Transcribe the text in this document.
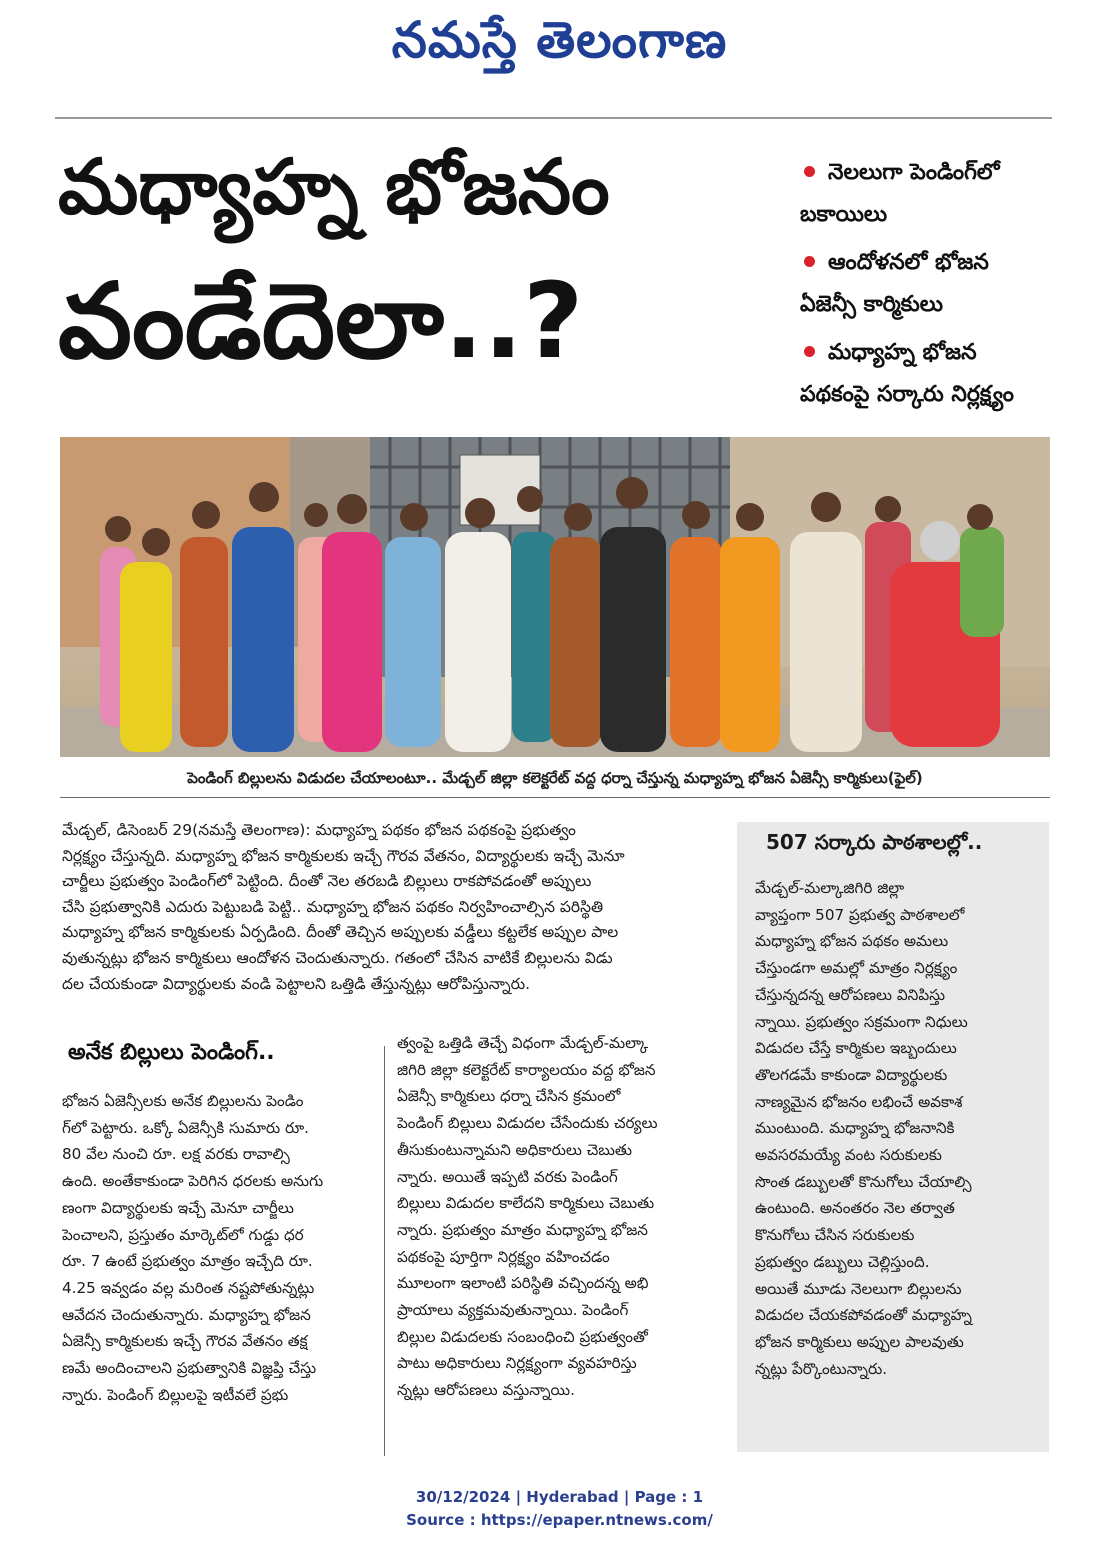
నమస్తే తెలంగాణ
మధ్యాహ్న భోజనం
వండేదెలా..?
నెలలుగా పెండింగ్‌లో
బకాయిలు
ఆందోళనలో భోజన
ఏజెన్సీ కార్మికులు
మధ్యాహ్న భోజన
పథకంపై సర్కారు నిర్లక్ష్యం
పెండింగ్ బిల్లులను విడుదల చేయాలంటూ.. మేడ్చల్ జిల్లా కలెక్టరేట్ వద్ద ధర్నా చేస్తున్న మధ్యాహ్న భోజన ఏజెన్సీ కార్మికులు(ఫైల్)

మేడ్చల్, డిసెంబర్ 29(నమస్తే తెలంగాణ): మధ్యాహ్న పథకం భోజన పథకంపై ప్రభుత్వం

నిర్లక్ష్యం చేస్తున్నది. మధ్యాహ్న భోజన కార్మికులకు ఇచ్చే గౌరవ వేతనం, విద్యార్థులకు ఇచ్చే మెనూ

చార్జీలు ప్రభుత్వం పెండింగ్‌లో పెట్టింది. దీంతో నెల తరబడి బిల్లులు రాకపోవడంతో అప్పులు

చేసి ప్రభుత్వానికి ఎదురు పెట్టుబడి పెట్టి.. మధ్యాహ్న భోజన పథకం నిర్వహించాల్సిన పరిస్థితి

మధ్యాహ్న భోజన కార్మికులకు ఏర్పడింది. దీంతో తెచ్చిన అప్పులకు వడ్డీలు కట్టలేక అప్పుల పాల

వుతున్నట్లు భోజన కార్మికులు ఆందోళన చెందుతున్నారు. గతంలో చేసిన వాటికే బిల్లులను విడు

దల చేయకుండా విద్యార్థులకు వండి పెట్టాలని ఒత్తిడి తేస్తున్నట్లు ఆరోపిస్తున్నారు.

అనేక బిల్లులు పెండింగ్..

భోజన ఏజెన్సీలకు అనేక బిల్లులను పెండిం

గ్‌లో పెట్టారు. ఒక్కో ఏజెన్సీకి సుమారు రూ.

80 వేల నుంచి రూ. లక్ష వరకు రావాల్సి

ఉంది. అంతేకాకుండా పెరిగిన ధరలకు అనుగు

ణంగా విద్యార్థులకు ఇచ్చే మెనూ చార్జీలు

పెంచాలని, ప్రస్తుతం మార్కెట్‌లో గుడ్డు ధర

రూ. 7 ఉంటే ప్రభుత్వం మాత్రం ఇచ్చేది రూ.

4.25 ఇవ్వడం వల్ల మరింత నష్టపోతున్నట్లు

ఆవేదన చెందుతున్నారు. మధ్యాహ్న భోజన

ఏజెన్సీ కార్మికులకు ఇచ్చే గౌరవ వేతనం తక్ష

ణమే అందించాలని ప్రభుత్వానికి విజ్ఞప్తి చేస్తు

న్నారు. పెండింగ్ బిల్లులపై ఇటీవలే ప్రభు

త్వంపై ఒత్తిడి తెచ్చే విధంగా మేడ్చల్-మల్కా

జిగిరి జిల్లా కలెక్టరేట్ కార్యాలయం వద్ద భోజన

ఏజెన్సీ కార్మికులు ధర్నా చేసిన క్రమంలో

పెండింగ్ బిల్లులు విడుదల చేసేందుకు చర్యలు

తీసుకుంటున్నామని అధికారులు చెబుతు

న్నారు. అయితే ఇప్పటి వరకు పెండింగ్

బిల్లులు విడుదల కాలేదని కార్మికులు చెబుతు

న్నారు. ప్రభుత్వం మాత్రం మధ్యాహ్న భోజన

పథకంపై పూర్తిగా నిర్లక్ష్యం వహించడం

మూలంగా ఇలాంటి పరిస్థితి వచ్చిందన్న అభి

ప్రాయాలు వ్యక్తమవుతున్నాయి. పెండింగ్

బిల్లుల విడుదలకు సంబంధించి ప్రభుత్వంతో

పాటు అధికారులు నిర్లక్ష్యంగా వ్యవహరిస్తు

న్నట్లు ఆరోపణలు వస్తున్నాయి.

507 సర్కారు పాఠశాలల్లో..

మేడ్చల్-మల్కాజిగిరి జిల్లా

వ్యాప్తంగా 507 ప్రభుత్వ పాఠశాలలో

మధ్యాహ్న భోజన పథకం అమలు

చేస్తుండగా అమల్లో మాత్రం నిర్లక్ష్యం

చేస్తున్నదన్న ఆరోపణలు వినిపిస్తు

న్నాయి. ప్రభుత్వం సక్రమంగా నిధులు

విడుదల చేస్తే కార్మికుల ఇబ్బందులు

తొలగడమే కాకుండా విద్యార్థులకు

నాణ్యమైన భోజనం లభించే అవకాశ

ముంటుంది. మధ్యాహ్న భోజనానికి

అవసరమయ్యే వంట సరుకులకు

సొంత డబ్బులతో కొనుగోలు చేయాల్సి

ఉంటుంది. అనంతరం నెల తర్వాత

కొనుగోలు చేసిన సరుకులకు

ప్రభుత్వం డబ్బులు చెల్లిస్తుంది.

అయితే మూడు నెలలుగా బిల్లులను

విడుదల చేయకపోవడంతో మధ్యాహ్న

భోజన కార్మికులు అప్పుల పాలవుతు

న్నట్లు పేర్కొంటున్నారు.

30/12/2024 | Hyderabad | Page : 1
Source : https://epaper.ntnews.com/
